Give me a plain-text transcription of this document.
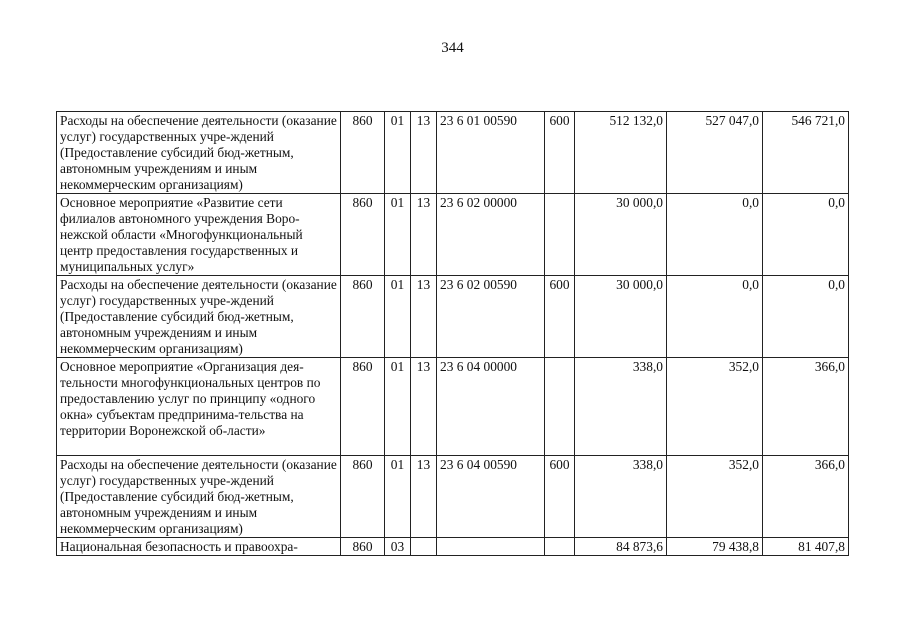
344
Расходы на обеспечение деятельности (оказание услуг) государственных учре-ждений (Предоставление субсидий бюд-жетным, автономным учреждениям и иным некоммерческим организациям)	860	01	13	23 6 01 00590	600	512 132,0	527 047,0	546 721,0
Основное мероприятие «Развитие сети филиалов автономного учреждения Воро-нежской области «Многофункциональный центр предоставления государственных и муниципальных услуг»	860	01	13	23 6 02 00000		30 000,0	0,0	0,0
Расходы на обеспечение деятельности (оказание услуг) государственных учре-ждений (Предоставление субсидий бюд-жетным, автономным учреждениям и иным некоммерческим организациям)	860	01	13	23 6 02 00590	600	30 000,0	0,0	0,0
Основное мероприятие «Организация дея-тельности многофункциональных центров по предоставлению услуг по принципу «одного окна» субъектам предпринима-тельства на территории Воронежской об-ласти»	860	01	13	23 6 04 00000		338,0	352,0	366,0
Расходы на обеспечение деятельности (оказание услуг) государственных учре-ждений (Предоставление субсидий бюд-жетным, автономным учреждениям и иным некоммерческим организациям)	860	01	13	23 6 04 00590	600	338,0	352,0	366,0

Национальная безопасность и правоохра-	860	03				84 873,6	79 438,8	81 407,8
